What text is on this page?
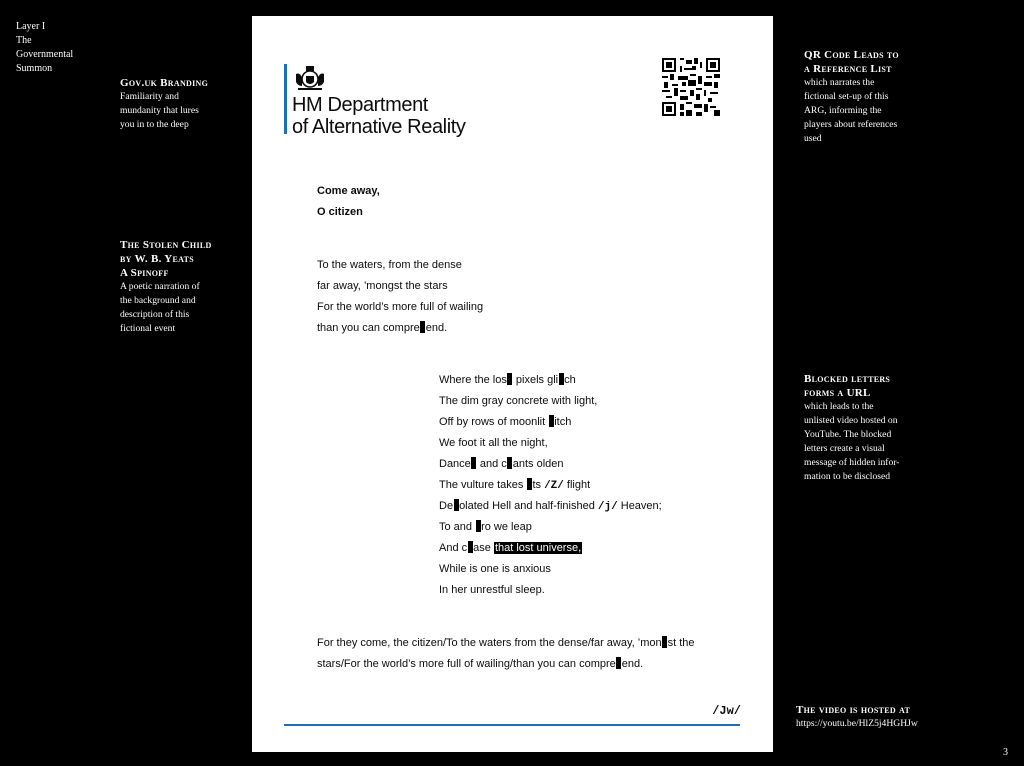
Layer I
The
Governmental
Summon
Gov.uk Branding
Familiarity and
mundanity that lures
you in to the deep
The Stolen Child
by W. B. Yeats
A Spinoff
A poetic narration of
the background and
description of this
fictional event
QR Code Leads to
a Reference List
which narrates the
fictional set-up of this
ARG, informing the
players about references
used
Blocked letters
forms a URL
which leads to the
unlisted video hosted on
YouTube. The blocked
letters create a visual
message of hidden infor-
mation to be disclosed
The video is hosted at
https://youtu.be/HlZ5j4HGHJw
3
HM Department
of Alternative Reality
Come away,
O citizen
To the waters, from the dense
far away, ’mongst the stars
For the world’s more full of wailing
than you can compre end.
Where the los pixels gli ch
The dim gray concrete with light,
Off by rows of moonlit itch
We foot it all the night,
Dance and c ants olden
The vulture takes ts /Z/ flight
De olated Hell and half-finished /j/ Heaven;
To and ro we leap
And c ase that lost universe,
While is one is anxious
In her unrestful sleep.
For they come, the citizen/To the waters from the dense/far away, ’mon st the
stars/For the world’s more full of wailing/than you can compre end.
/Jw/
